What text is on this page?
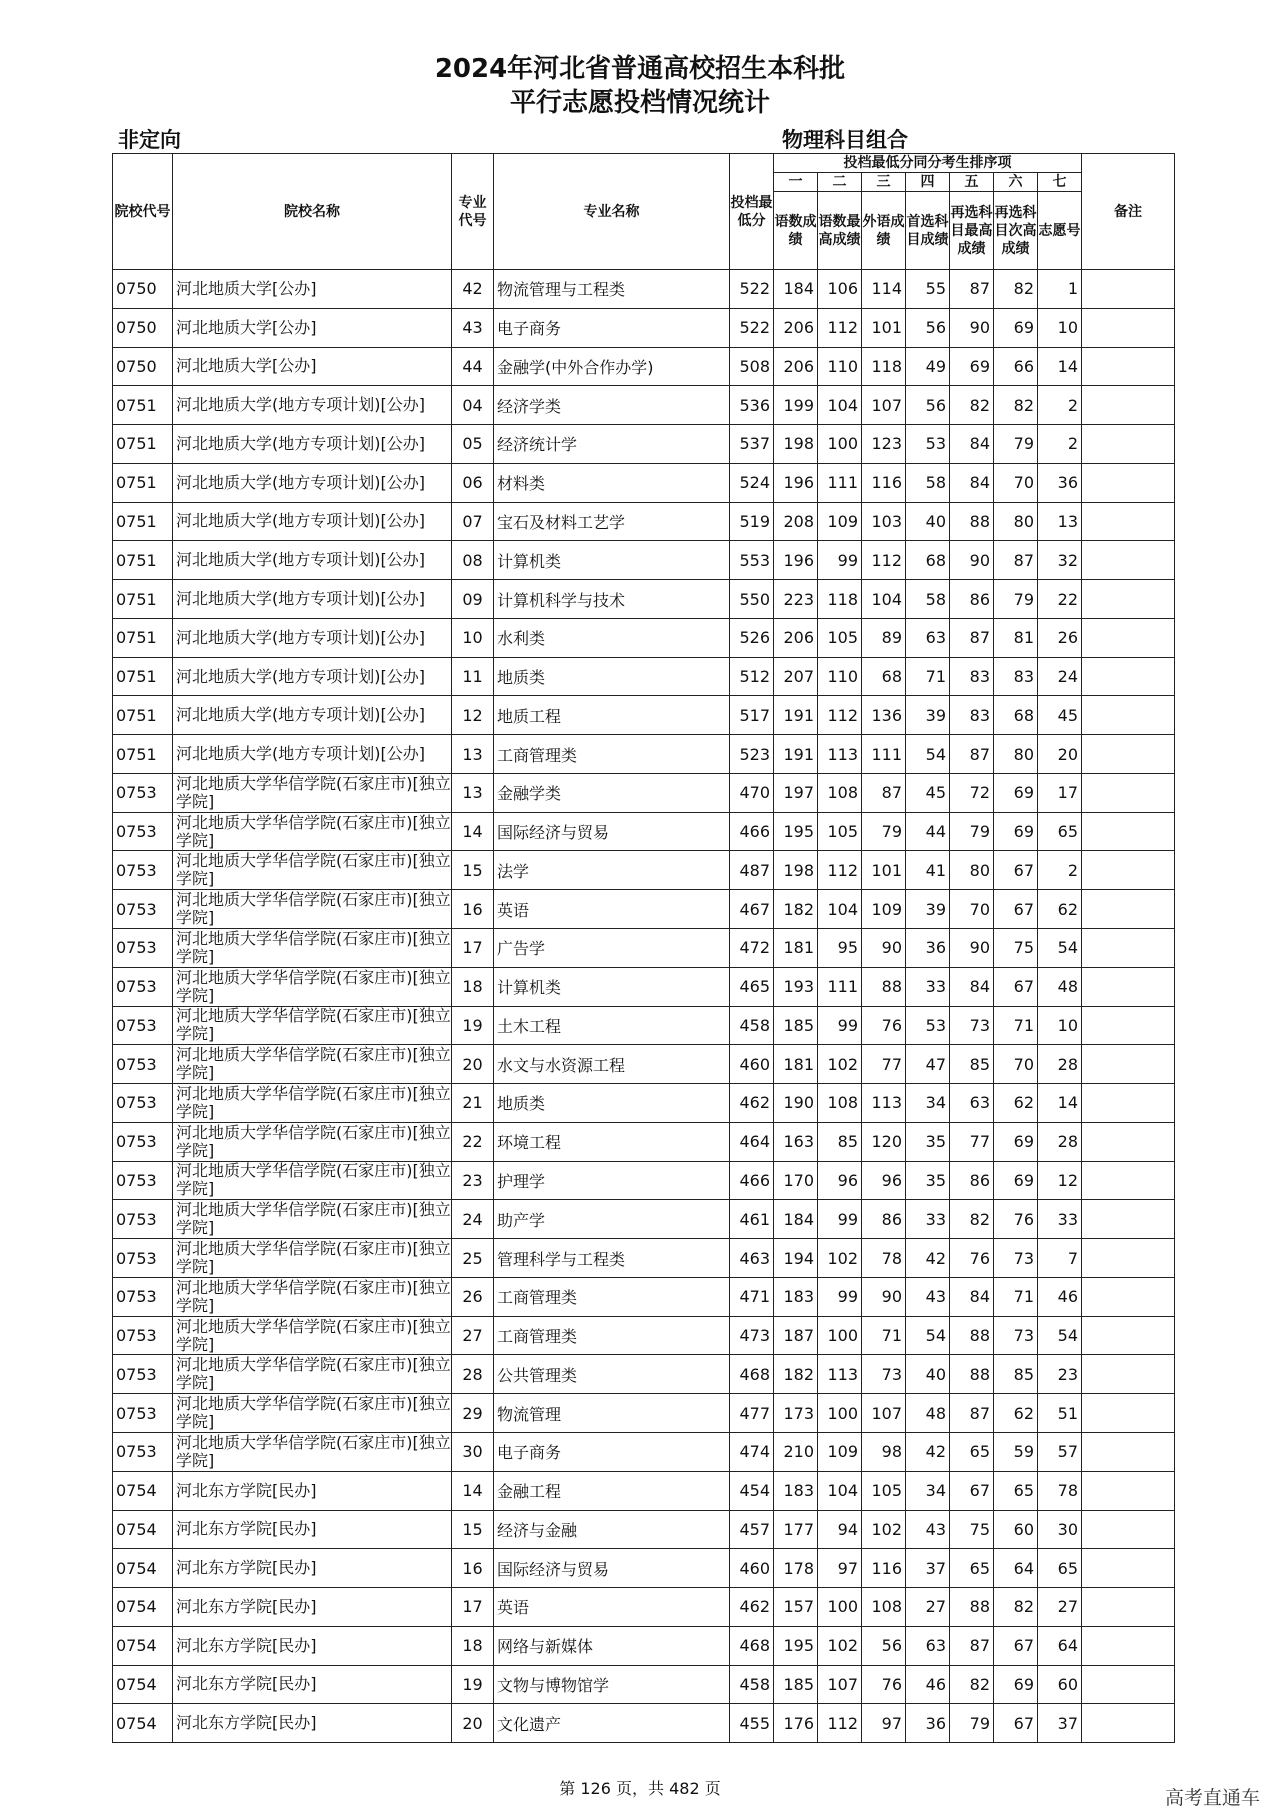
2024年河北省普通高校招生本科批
平行志愿投档情况统计
非定向	物理科目组合
院校代号	院校名称	专业代号	专业名称	投档最低分	投档最低分同分考生排序项							备注
					一	二	三	四	五	六	七	
					语数成绩	语数最高成绩	外语成绩	首选科目成绩	再选科目最高成绩	再选科目次高成绩	志愿号	
0750	河北地质大学[公办]	42	物流管理与工程类	522	184	106	114	55	87	82	1	
0750	河北地质大学[公办]	43	电子商务	522	206	112	101	56	90	69	10	
0750	河北地质大学[公办]	44	金融学(中外合作办学)	508	206	110	118	49	69	66	14	
0751	河北地质大学(地方专项计划)[公办]	04	经济学类	536	199	104	107	56	82	82	2	
0751	河北地质大学(地方专项计划)[公办]	05	经济统计学	537	198	100	123	53	84	79	2	
0751	河北地质大学(地方专项计划)[公办]	06	材料类	524	196	111	116	58	84	70	36	
0751	河北地质大学(地方专项计划)[公办]	07	宝石及材料工艺学	519	208	109	103	40	88	80	13	
0751	河北地质大学(地方专项计划)[公办]	08	计算机类	553	196	99	112	68	90	87	32	
0751	河北地质大学(地方专项计划)[公办]	09	计算机科学与技术	550	223	118	104	58	86	79	22	
0751	河北地质大学(地方专项计划)[公办]	10	水利类	526	206	105	89	63	87	81	26	
0751	河北地质大学(地方专项计划)[公办]	11	地质类	512	207	110	68	71	83	83	24	
0751	河北地质大学(地方专项计划)[公办]	12	地质工程	517	191	112	136	39	83	68	45	
0751	河北地质大学(地方专项计划)[公办]	13	工商管理类	523	191	113	111	54	87	80	20	
0753	河北地质大学华信学院(石家庄市)[独立学院]	13	金融学类	470	197	108	87	45	72	69	17	
0753	河北地质大学华信学院(石家庄市)[独立学院]	14	国际经济与贸易	466	195	105	79	44	79	69	65	
0753	河北地质大学华信学院(石家庄市)[独立学院]	15	法学	487	198	112	101	41	80	67	2	
0753	河北地质大学华信学院(石家庄市)[独立学院]	16	英语	467	182	104	109	39	70	67	62	
0753	河北地质大学华信学院(石家庄市)[独立学院]	17	广告学	472	181	95	90	36	90	75	54	
0753	河北地质大学华信学院(石家庄市)[独立学院]	18	计算机类	465	193	111	88	33	84	67	48	
0753	河北地质大学华信学院(石家庄市)[独立学院]	19	土木工程	458	185	99	76	53	73	71	10	
0753	河北地质大学华信学院(石家庄市)[独立学院]	20	水文与水资源工程	460	181	102	77	47	85	70	28	
0753	河北地质大学华信学院(石家庄市)[独立学院]	21	地质类	462	190	108	113	34	63	62	14	
0753	河北地质大学华信学院(石家庄市)[独立学院]	22	环境工程	464	163	85	120	35	77	69	28	
0753	河北地质大学华信学院(石家庄市)[独立学院]	23	护理学	466	170	96	96	35	86	69	12	
0753	河北地质大学华信学院(石家庄市)[独立学院]	24	助产学	461	184	99	86	33	82	76	33	
0753	河北地质大学华信学院(石家庄市)[独立学院]	25	管理科学与工程类	463	194	102	78	42	76	73	7	
0753	河北地质大学华信学院(石家庄市)[独立学院]	26	工商管理类	471	183	99	90	43	84	71	46	
0753	河北地质大学华信学院(石家庄市)[独立学院]	27	工商管理类	473	187	100	71	54	88	73	54	
0753	河北地质大学华信学院(石家庄市)[独立学院]	28	公共管理类	468	182	113	73	40	88	85	23	
0753	河北地质大学华信学院(石家庄市)[独立学院]	29	物流管理	477	173	100	107	48	87	62	51	
0753	河北地质大学华信学院(石家庄市)[独立学院]	30	电子商务	474	210	109	98	42	65	59	57	
0754	河北东方学院[民办]	14	金融工程	454	183	104	105	34	67	65	78	
0754	河北东方学院[民办]	15	经济与金融	457	177	94	102	43	75	60	30	
0754	河北东方学院[民办]	16	国际经济与贸易	460	178	97	116	37	65	64	65	
0754	河北东方学院[民办]	17	英语	462	157	100	108	27	88	82	27	
0754	河北东方学院[民办]	18	网络与新媒体	468	195	102	56	63	87	67	64	
0754	河北东方学院[民办]	19	文物与博物馆学	458	185	107	76	46	82	69	60	
0754	河北东方学院[民办]	20	文化遗产	455	176	112	97	36	79	67	37	
第 126 页，共 482 页	高考直通车
